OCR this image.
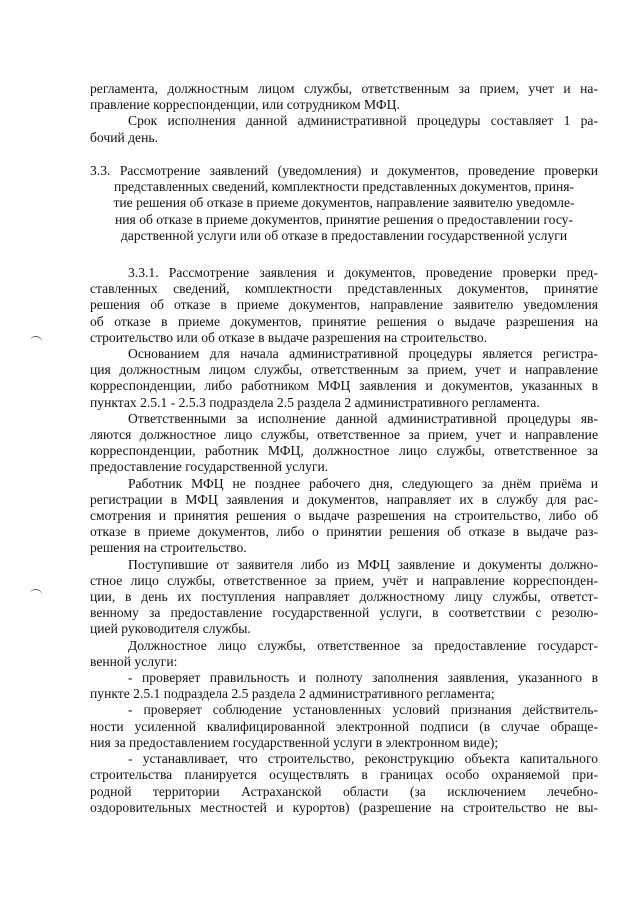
регламента, должностным лицом службы, ответственным за прием, учет и на-
правление корреспонденции, или сотрудником МФЦ.
Срок исполнения данной административной процедуры составляет 1 ра-
бочий день.
3.3. Рассмотрение заявлений (уведомления) и документов, проведение проверки
представленных сведений, комплектности представленных документов, приня-
тие решения об отказе в приеме документов, направление заявителю уведомле-
ния об отказе в приеме документов, принятие решения о предоставлении госу-
дарственной услуги или об отказе в предоставлении государственной услуги
3.3.1. Рассмотрение заявления и документов, проведение проверки пред-
ставленных сведений, комплектности представленных документов, принятие
решения об отказе в приеме документов, направление заявителю уведомления
об отказе в приеме документов, принятие решения о выдаче разрешения на
строительство или об отказе в выдаче разрешения на строительство.
Основанием для начала административной процедуры является регистра-
ция должностным лицом службы, ответственным за прием, учет и направление
корреспонденции, либо работником МФЦ заявления и документов, указанных в
пунктах 2.5.1 - 2.5.3 подраздела 2.5 раздела 2 административного регламента.
Ответственными за исполнение данной административной процедуры яв-
ляются должностное лицо службы, ответственное за прием, учет и направление
корреспонденции, работник МФЦ, должностное лицо службы, ответственное за
предоставление государственной услуги.
Работник МФЦ не позднее рабочего дня, следующего за днём приёма и
регистрации в МФЦ заявления и документов, направляет их в службу для рас-
смотрения и принятия решения о выдаче разрешения на строительство, либо об
отказе в приеме документов, либо о принятии решения об отказе в выдаче раз-
решения на строительство.
Поступившие от заявителя либо из МФЦ заявление и документы должно-
стное лицо службы, ответственное за прием, учёт и направление корреспонден-
ции, в день их поступления направляет должностному лицу службы, ответст-
венному за предоставление государственной услуги, в соответствии с резолю-
цией руководителя службы.
Должностное лицо службы, ответственное за предоставление государст-
венной услуги:
- проверяет правильность и полноту заполнения заявления, указанного в
пункте 2.5.1 подраздела 2.5 раздела 2 административного регламента;
- проверяет соблюдение установленных условий признания действитель-
ности усиленной квалифицированной электронной подписи (в случае обраще-
ния за предоставлением государственной услуги в электронном виде);
- устанавливает, что строительство, реконструкцию объекта капитального
строительства планируется осуществлять в границах особо охраняемой при-
родной территории Астраханской области (за исключением лечебно-
оздоровительных местностей и курортов) (разрешение на строительство не вы-
